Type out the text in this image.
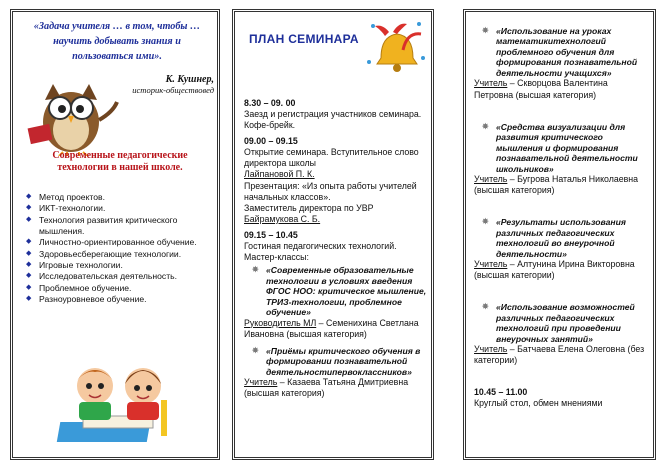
«Задача учителя … в том, чтобы … научить добывать знания и пользоваться ими».
К. Кушнер,
историк-обществовед
Современные педагогические технологии в нашей школе.
◆ Метод проектов.
◆ ИКТ-технологии.
◆ Технология развития критического мышления.
◆ Личностно-ориентированное обучение.
◆ Здоровьесберегающие технологии.
◆ Игровые технологии.
◆ Исследовательская деятельность.
◆ Проблемное обучение.
◆ Разноуровневое обучение.
ПЛАН СЕМИНАРА
8.30 – 09. 00
Заезд и регистрация участников семинара.
Кофе-брейк.
09.00 – 09.15
Открытие семинара. Вступительное слово директора школы
Лайпановой П. К.
Презентация: «Из опыта работы учителей начальных классов».
Заместитель директора по УВР
Байрамукова С. Б.
09.15 – 10.45
Гостиная педагогических технологий.
Мастер-классы:
✵ «Современные образовательные технологии в условиях введения ФГОС НОО: критическое мышление, ТРИЗ-технологии, проблемное обучение»
Руководитель МЛ – Семенихина Светлана Ивановна (высшая категория)
✵ «Приёмы критического обучения в формировании познавательной деятельностипервоклассников»
Учитель – Казаева Татьяна Дмитриевна (высшая категория)
✵ «Использование на уроках математикитехнологий проблемного обучения для формирования познавательной деятельности учащихся»
Учитель – Скворцова Валентина Петровна (высшая категория)
✵ «Средства визуализации для развития критического мышления и формирования познавательной деятельности школьников»
Учитель – Бугрова Наталья Николаевна (высшая категория)
✵ «Результаты использования различных педагогических технологий во внеурочной деятельности»
Учитель – Алтунина Ирина Викторовна (высшая категории)
✵ «Использование возможностей различных педагогических технологий при проведении внеурочных занятий»
Учитель – Батчаева Елена Олеговна (без категории)
10.45 – 11.00
Круглый стол, обмен мнениями
